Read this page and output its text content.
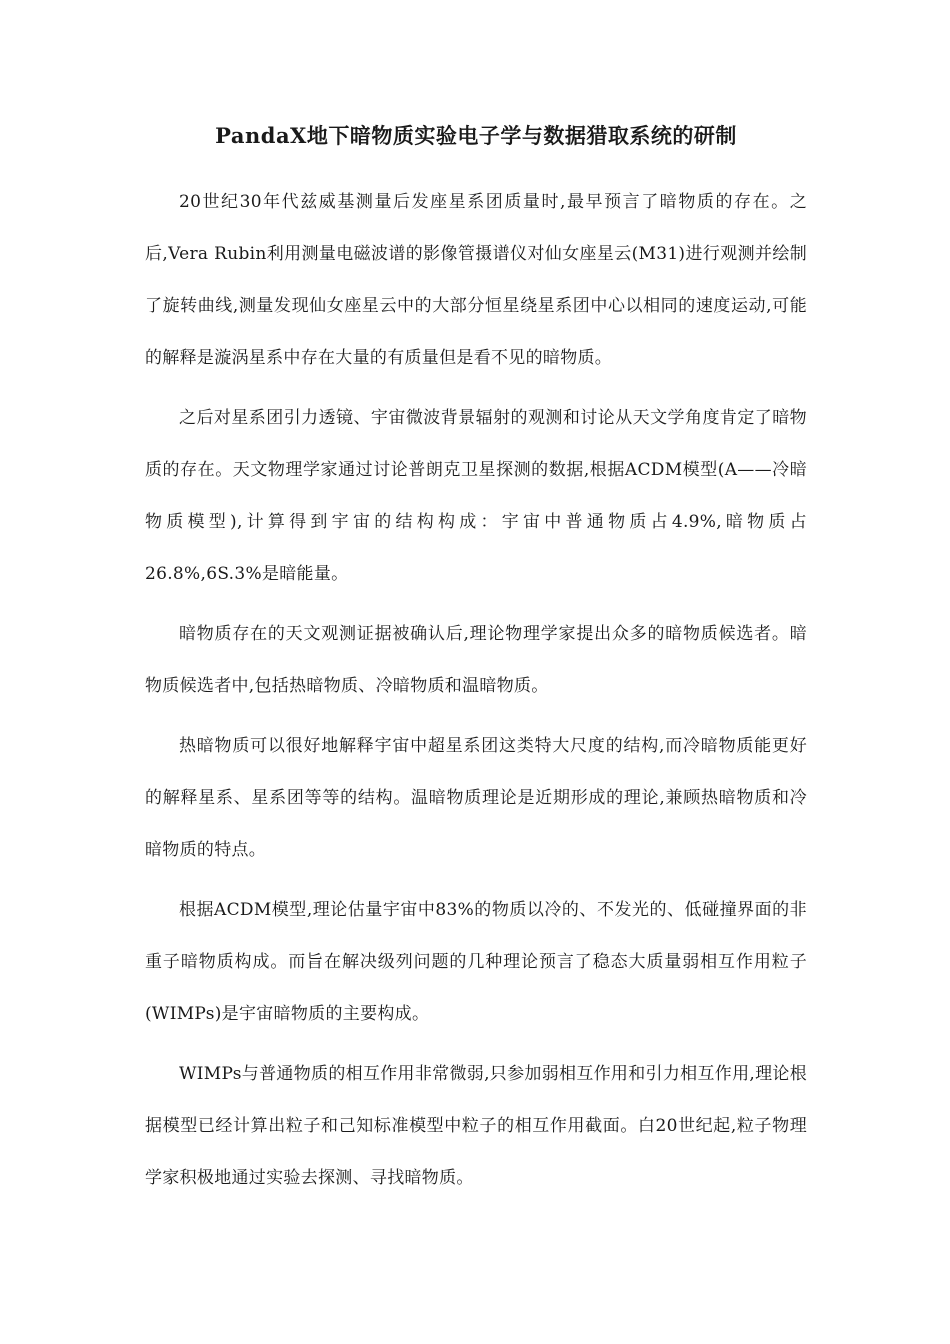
PandaX地下暗物质实验电子学与数据猎取系统的研制

20世纪30年代兹威基测量后发座星系团质量时,最早预言了暗物质的存在。之后,Vera Rubin利用测量电磁波谱的影像管摄谱仪对仙女座星云(M31)进行观测并绘制了旋转曲线,测量发现仙女座星云中的大部分恒星绕星系团中心以相同的速度运动,可能的解释是漩涡星系中存在大量的有质量但是看不见的暗物质。

之后对星系团引力透镜、宇宙微波背景辐射的观测和讨论从天文学角度肯定了暗物质的存在。天文物理学家通过讨论普朗克卫星探测的数据,根据ACDM模型(A——冷暗物质模型),计算得到宇宙的结构构成：宇宙中普通物质占4.9%,暗物质占26.8%,6S.3%是暗能量。

暗物质存在的天文观测证据被确认后,理论物理学家提出众多的暗物质候选者。暗物质候选者中,包括热暗物质、冷暗物质和温暗物质。

热暗物质可以很好地解释宇宙中超星系团这类特大尺度的结构,而冷暗物质能更好的解释星系、星系团等等的结构。温暗物质理论是近期形成的理论,兼顾热暗物质和冷暗物质的特点。

根据ACDM模型,理论估量宇宙中83%的物质以冷的、不发光的、低碰撞界面的非重子暗物质构成。而旨在解决级列问题的几种理论预言了稳态大质量弱相互作用粒子(WIMPs)是宇宙暗物质的主要构成。

WIMPs与普通物质的相互作用非常微弱,只参加弱相互作用和引力相互作用,理论根据模型已经计算出粒子和己知标准模型中粒子的相互作用截面。白20世纪起,粒子物理学家积极地通过实验去探测、寻找暗物质。
